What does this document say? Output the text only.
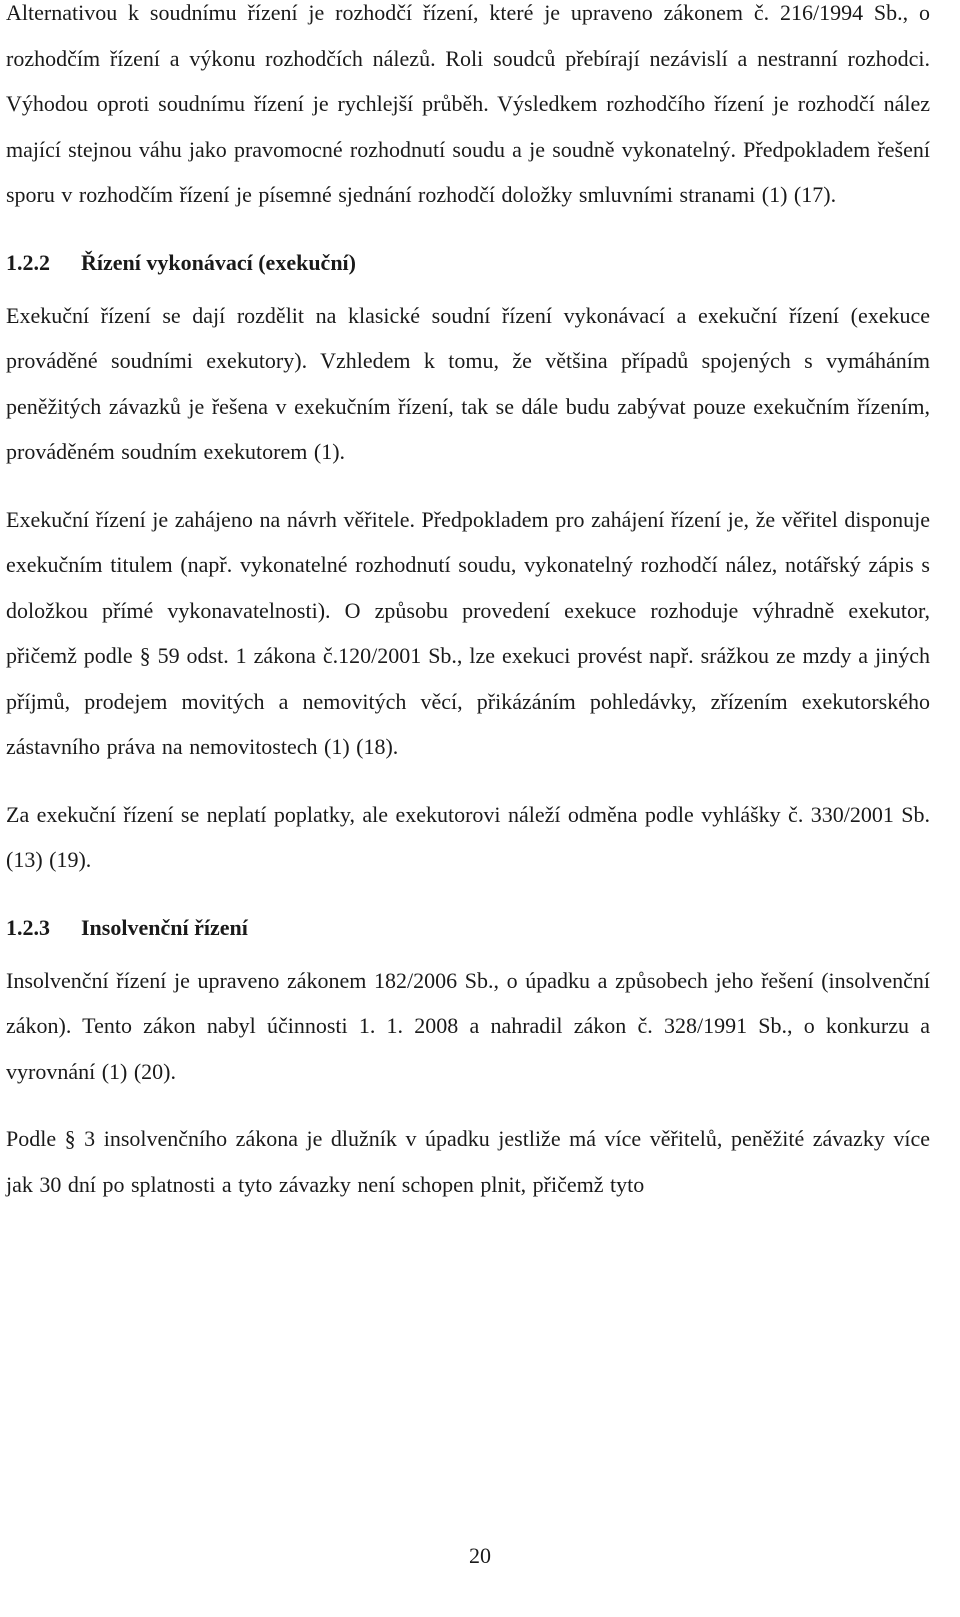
Alternativou k soudnímu řízení je rozhodčí řízení, které je upraveno zákonem č. 216/1994 Sb., o rozhodčím řízení a výkonu rozhodčích nálezů. Roli soudců přebírají nezávislí a nestranní rozhodci. Výhodou oproti soudnímu řízení je rychlejší průběh. Výsledkem rozhodčího řízení je rozhodčí nález mající stejnou váhu jako pravomocné rozhodnutí soudu a je soudně vykonatelný. Předpokladem řešení sporu v rozhodčím řízení je písemné sjednání rozhodčí doložky smluvními stranami (1) (17).

1.2.2 Řízení vykonávací (exekuční)

Exekuční řízení se dají rozdělit na klasické soudní řízení vykonávací a exekuční řízení (exekuce prováděné soudními exekutory). Vzhledem k tomu, že většina případů spojených s vymáháním peněžitých závazků je řešena v exekučním řízení, tak se dále budu zabývat pouze exekučním řízením, prováděném soudním exekutorem (1).

Exekuční řízení je zahájeno na návrh věřitele. Předpokladem pro zahájení řízení je, že věřitel disponuje exekučním titulem (např. vykonatelné rozhodnutí soudu, vykonatelný rozhodčí nález, notářský zápis s doložkou přímé vykonavatelnosti). O způsobu provedení exekuce rozhoduje výhradně exekutor, přičemž podle § 59 odst. 1 zákona č.120/2001 Sb., lze exekuci provést např. srážkou ze mzdy a jiných příjmů, prodejem movitých a nemovitých věcí, přikázáním pohledávky, zřízením exekutorského zástavního práva na nemovitostech (1) (18).

Za exekuční řízení se neplatí poplatky, ale exekutorovi náleží odměna podle vyhlášky č. 330/2001 Sb. (13) (19).

1.2.3 Insolvenční řízení

Insolvenční řízení je upraveno zákonem 182/2006 Sb., o úpadku a způsobech jeho řešení (insolvenční zákon). Tento zákon nabyl účinnosti 1. 1. 2008 a nahradil zákon č. 328/1991 Sb., o konkurzu a vyrovnání (1) (20).

Podle § 3 insolvenčního zákona je dlužník v úpadku jestliže má více věřitelů, peněžité závazky více jak 30 dní po splatnosti a tyto závazky není schopen plnit, přičemž tyto

20
